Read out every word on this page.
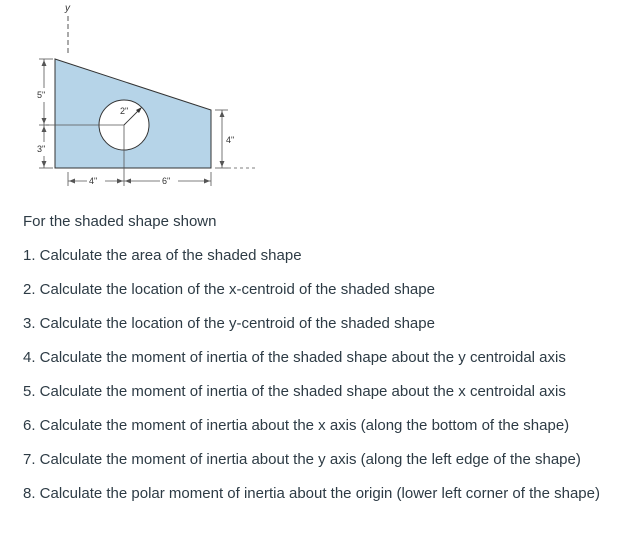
y
2"
5"
3"
4"
4"	6"

For the shaded shape shown

1. Calculate the area of the shaded shape
2. Calculate the location of the x-centroid of the shaded shape
3. Calculate the location of the y-centroid of the shaded shape
4. Calculate the moment of inertia of the shaded shape about the y centroidal axis
5. Calculate the moment of inertia of the shaded shape about the x centroidal axis
6. Calculate the moment of inertia about the x axis (along the bottom of the shape)
7. Calculate the moment of inertia about the y axis (along the left edge of the shape)
8. Calculate the polar moment of inertia about the origin (lower left corner of the shape)
